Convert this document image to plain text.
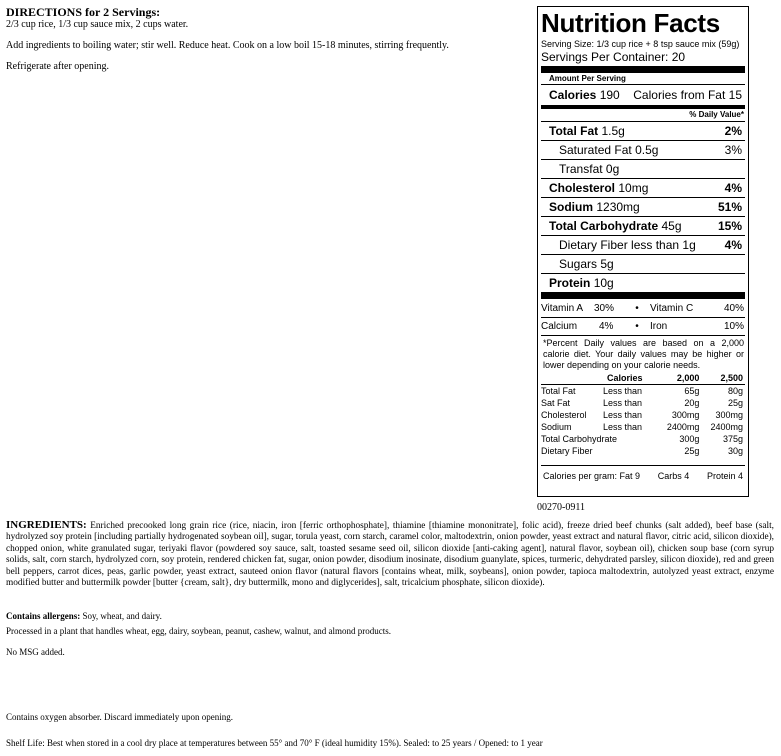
DIRECTIONS for 2 Servings:

2/3 cup rice, 1/3 cup sauce mix, 2 cups water.

Add ingredients to boiling water; stir well. Reduce heat. Cook on a low boil 15-18 minutes, stirring frequently.

Refrigerate after opening.

Nutrition Facts
Serving Size: 1/3 cup rice + 8 tsp sauce mix (59g)
Servings Per Container: 20
Amount Per Serving
Calories 190 Calories from Fat 15
% Daily Value*
Total Fat 1.5g	2%
Saturated Fat 0.5g	3%
Transfat 0g
Cholesterol 10mg	4%
Sodium 1230mg	51%
Total Carbohydrate 45g	15%
Dietary Fiber less than 1g 4%
Sugars 5g
Protein 10g
Vitamin A	30%	•	Vitamin C	40%
Calcium	4%	•	Iron	10%
*Percent Daily values are based on a 2,000 calorie diet. Your daily values may be higher or lower depending on your calorie needs.
	Calories	2,000	2,500
Total Fat	Less than	65g	80g
Sat Fat	Less than	20g	25g
Cholesterol	Less than	300mg	300mg
Sodium	Less than	2400mg	2400mg
Total Carbohydrate		300g	375g
Dietary Fiber		25g	30g
Calories per gram: Fat 9 Carbs 4 Protein 4
00270-0911
INGREDIENTS: Enriched precooked long grain rice (rice, niacin, iron [ferric orthophosphate], thiamine [thiamine mononitrate], folic acid), freeze dried beef chunks (salt added), beef base (salt, hydrolyzed soy protein [including partially hydrogenated soybean oil], sugar, torula yeast, corn starch, caramel color, maltodextrin, onion powder, yeast extract and natural flavor, citric acid, silicon dioxide), chopped onion, white granulated sugar, teriyaki flavor (powdered soy sauce, salt, toasted sesame seed oil, silicon dioxide [anti-caking agent], natural flavor, soybean oil), chicken soup base (corn syrup solids, salt, corn starch, hydrolyzed corn, soy protein, rendered chicken fat, sugar, onion powder, disodium inosinate, disodium guanylate, spices, turmeric, dehydrated parsley, silicon dioxide), red and green bell peppers, carrot dices, peas, garlic powder, yeast extract, sauteed onion flavor (natural flavors [contains wheat, milk, soybeans], onion powder, tapioca maltodextrin, autolyzed yeast extract, enzyme modified butter and buttermilk powder [butter {cream, salt}, dry buttermilk, mono and diglycerides], salt, tricalcium phosphate, silicon dioxide).
Contains allergens: Soy, wheat, and dairy.
Processed in a plant that handles wheat, egg, dairy, soybean, peanut, cashew, walnut, and almond products.
No MSG added.
Contains oxygen absorber. Discard immediately upon opening.
Shelf Life: Best when stored in a cool dry place at temperatures between 55° and 70° F (ideal humidity 15%). Sealed: to 25 years / Opened: to 1 year
